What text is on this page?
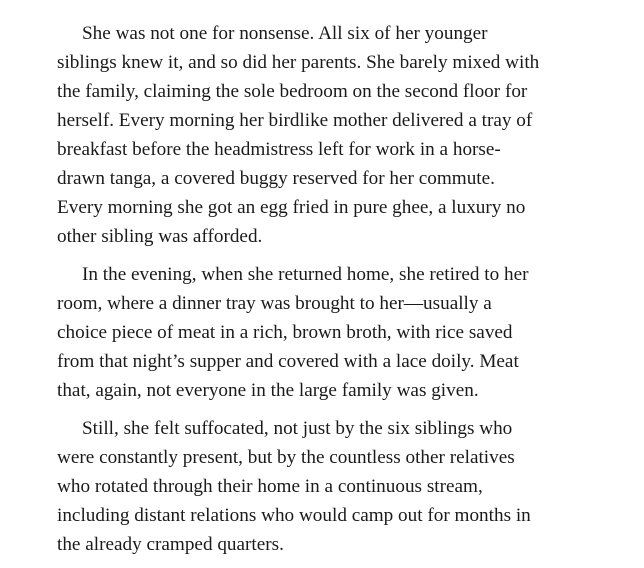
She was not one for nonsense. All six of her younger
siblings knew it, and so did her parents. She barely mixed with
the family, claiming the sole bedroom on the second floor for
herself. Every morning her birdlike mother delivered a tray of
breakfast before the headmistress left for work in a horse-
drawn tanga, a covered buggy reserved for her commute.
Every morning she got an egg fried in pure ghee, a luxury no
other sibling was afforded.

In the evening, when she returned home, she retired to her
room, where a dinner tray was brought to her—usually a
choice piece of meat in a rich, brown broth, with rice saved
from that night’s supper and covered with a lace doily. Meat
that, again, not everyone in the large family was given.

Still, she felt suffocated, not just by the six siblings who
were constantly present, but by the countless other relatives
who rotated through their home in a continuous stream,
including distant relations who would camp out for months in
the already cramped quarters.
